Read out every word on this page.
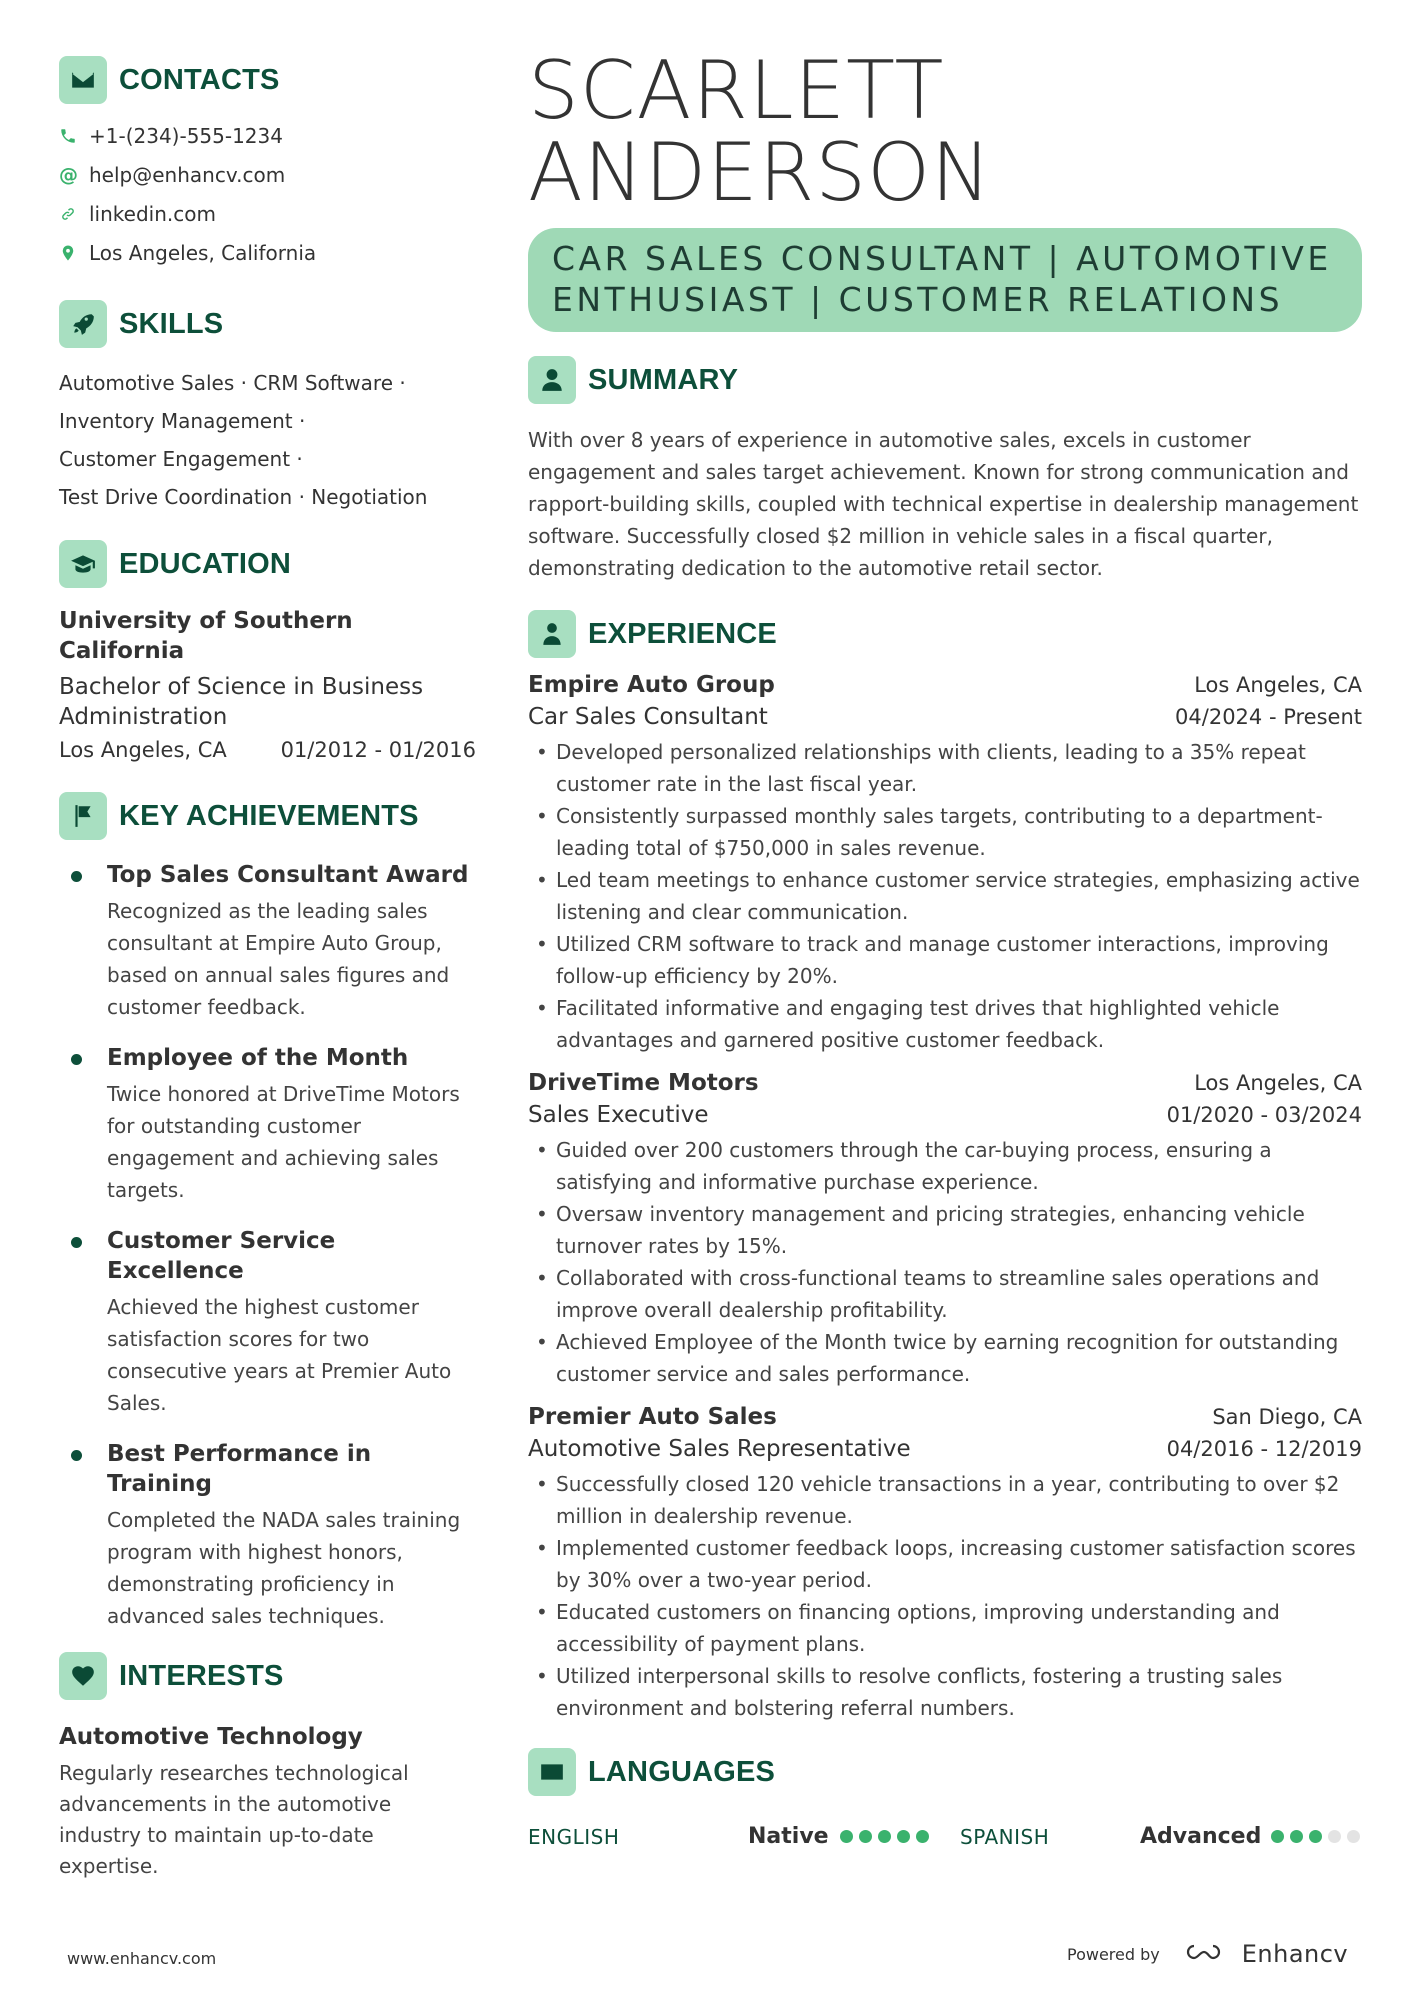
CONTACTS
+1-(234)-555-1234
@ help@enhancv.com
linkedin.com
Los Angeles, California
SKILLS
Automotive Sales · CRM Software ·
Inventory Management ·
Customer Engagement ·
Test Drive Coordination · Negotiation
EDUCATION
University of Southern California
Bachelor of Science in Business Administration
Los Angeles, CA	01/2012 - 01/2016
KEY ACHIEVEMENTS
Top Sales Consultant Award
Recognized as the leading sales consultant at Empire Auto Group, based on annual sales figures and customer feedback.
Employee of the Month
Twice honored at DriveTime Motors for outstanding customer engagement and achieving sales targets.
Customer Service Excellence
Achieved the highest customer satisfaction scores for two consecutive years at Premier Auto Sales.
Best Performance in Training
Completed the NADA sales training program with highest honors, demonstrating proficiency in advanced sales techniques.
INTERESTS
Automotive Technology
Regularly researches technological advancements in the automotive industry to maintain up-to-date expertise.
SCARLETT
ANDERSON
CAR SALES CONSULTANT | AUTOMOTIVE ENTHUSIAST | CUSTOMER RELATIONS
SUMMARY
With over 8 years of experience in automotive sales, excels in customer engagement and sales target achievement. Known for strong communication and rapport-building skills, coupled with technical expertise in dealership management software. Successfully closed $2 million in vehicle sales in a fiscal quarter, demonstrating dedication to the automotive retail sector.
EXPERIENCE
Empire Auto Group	Los Angeles, CA
Car Sales Consultant	04/2024 - Present
• Developed personalized relationships with clients, leading to a 35% repeat customer rate in the last fiscal year.
• Consistently surpassed monthly sales targets, contributing to a department-leading total of $750,000 in sales revenue.
• Led team meetings to enhance customer service strategies, emphasizing active listening and clear communication.
• Utilized CRM software to track and manage customer interactions, improving follow-up efficiency by 20%.
• Facilitated informative and engaging test drives that highlighted vehicle advantages and garnered positive customer feedback.
DriveTime Motors	Los Angeles, CA
Sales Executive	01/2020 - 03/2024
• Guided over 200 customers through the car-buying process, ensuring a satisfying and informative purchase experience.
• Oversaw inventory management and pricing strategies, enhancing vehicle turnover rates by 15%.
• Collaborated with cross-functional teams to streamline sales operations and improve overall dealership profitability.
• Achieved Employee of the Month twice by earning recognition for outstanding customer service and sales performance.
Premier Auto Sales	San Diego, CA
Automotive Sales Representative	04/2016 - 12/2019
• Successfully closed 120 vehicle transactions in a year, contributing to over $2 million in dealership revenue.
• Implemented customer feedback loops, increasing customer satisfaction scores by 30% over a two-year period.
• Educated customers on financing options, improving understanding and accessibility of payment plans.
• Utilized interpersonal skills to resolve conflicts, fostering a trusting sales environment and bolstering referral numbers.
LANGUAGES
ENGLISH	Native	SPANISH	Advanced
www.enhancv.com	Powered by	Enhancv
